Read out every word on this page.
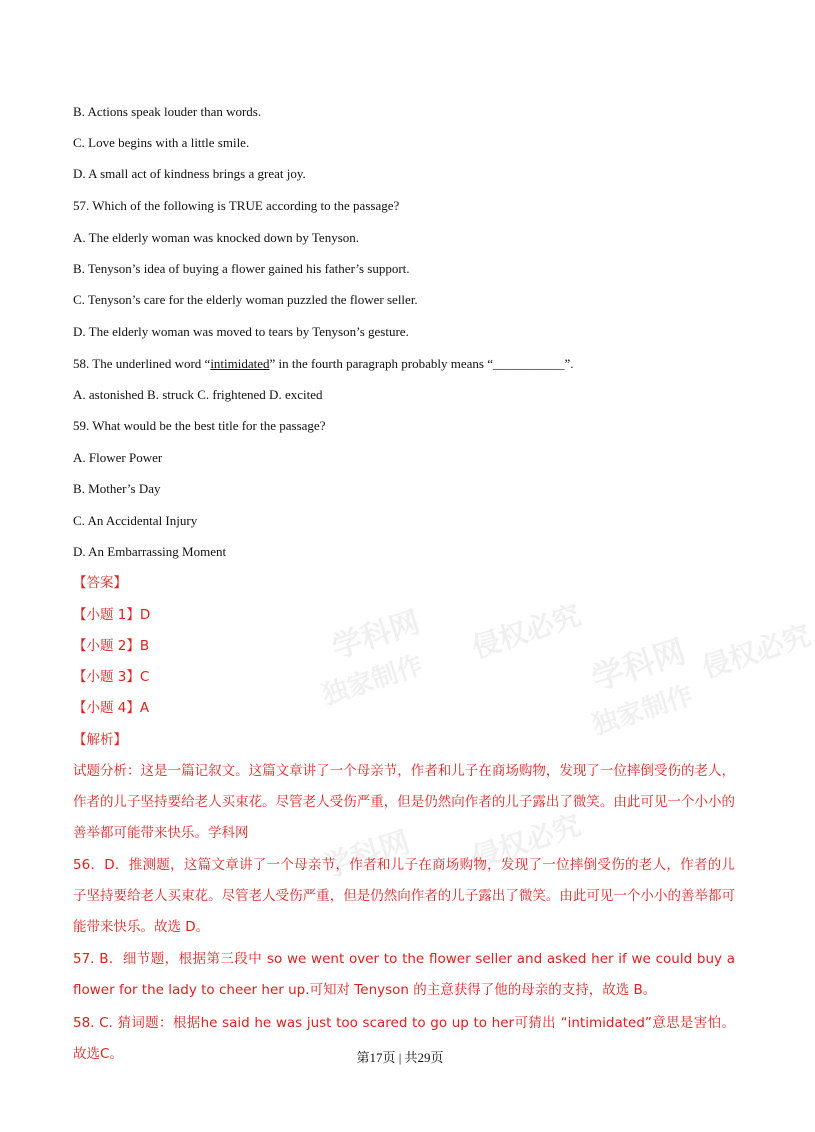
学科网
独家制作
侵权必究
学科网
独家制作
侵权必究
学科网 侵权必究
B. Actions speak louder than words.
C. Love begins with a little smile.
D. A small act of kindness brings a great joy.
57. Which of the following is TRUE according to the passage?
A. The elderly woman was knocked down by Tenyson.
B. Tenyson’s idea of buying a flower gained his father’s support.
C. Tenyson’s care for the elderly woman puzzled the flower seller.
D. The elderly woman was moved to tears by Tenyson’s gesture.
58. The underlined word “intimidated” in the fourth paragraph probably means “___________”.
A. astonished B. struck C. frightened D. excited
59. What would be the best title for the passage?
A. Flower Power
B. Mother’s Day
C. An Accidental Injury
D. An Embarrassing Moment
【答案】
【小题 1】D
【小题 2】B
【小题 3】C
【小题 4】A
【解析】
试题分析：这是一篇记叙文。这篇文章讲了一个母亲节，作者和儿子在商场购物，发现了一位摔倒受伤的老人，作者的儿子坚持要给老人买束花。尽管老人受伤严重，但是仍然向作者的儿子露出了微笑。由此可见一个小小的善举都可能带来快乐。学科网
56．D．推测题，这篇文章讲了一个母亲节，作者和儿子在商场购物，发现了一位摔倒受伤的老人，作者的儿子坚持要给老人买束花。尽管老人受伤严重，但是仍然向作者的儿子露出了微笑。由此可见一个小小的善举都可能带来快乐。故选 D。
57. B．细节题，根据第三段中 so we went over to the flower seller and asked her if we could buy a flower for the lady to cheer her up.可知对 Tenyson 的主意获得了他的母亲的支持，故选 B。
58. C. 猜词题：根据he said he was just too scared to go up to her可猜出 “intimidated”意思是害怕。故选C。	第17页 | 共29页
